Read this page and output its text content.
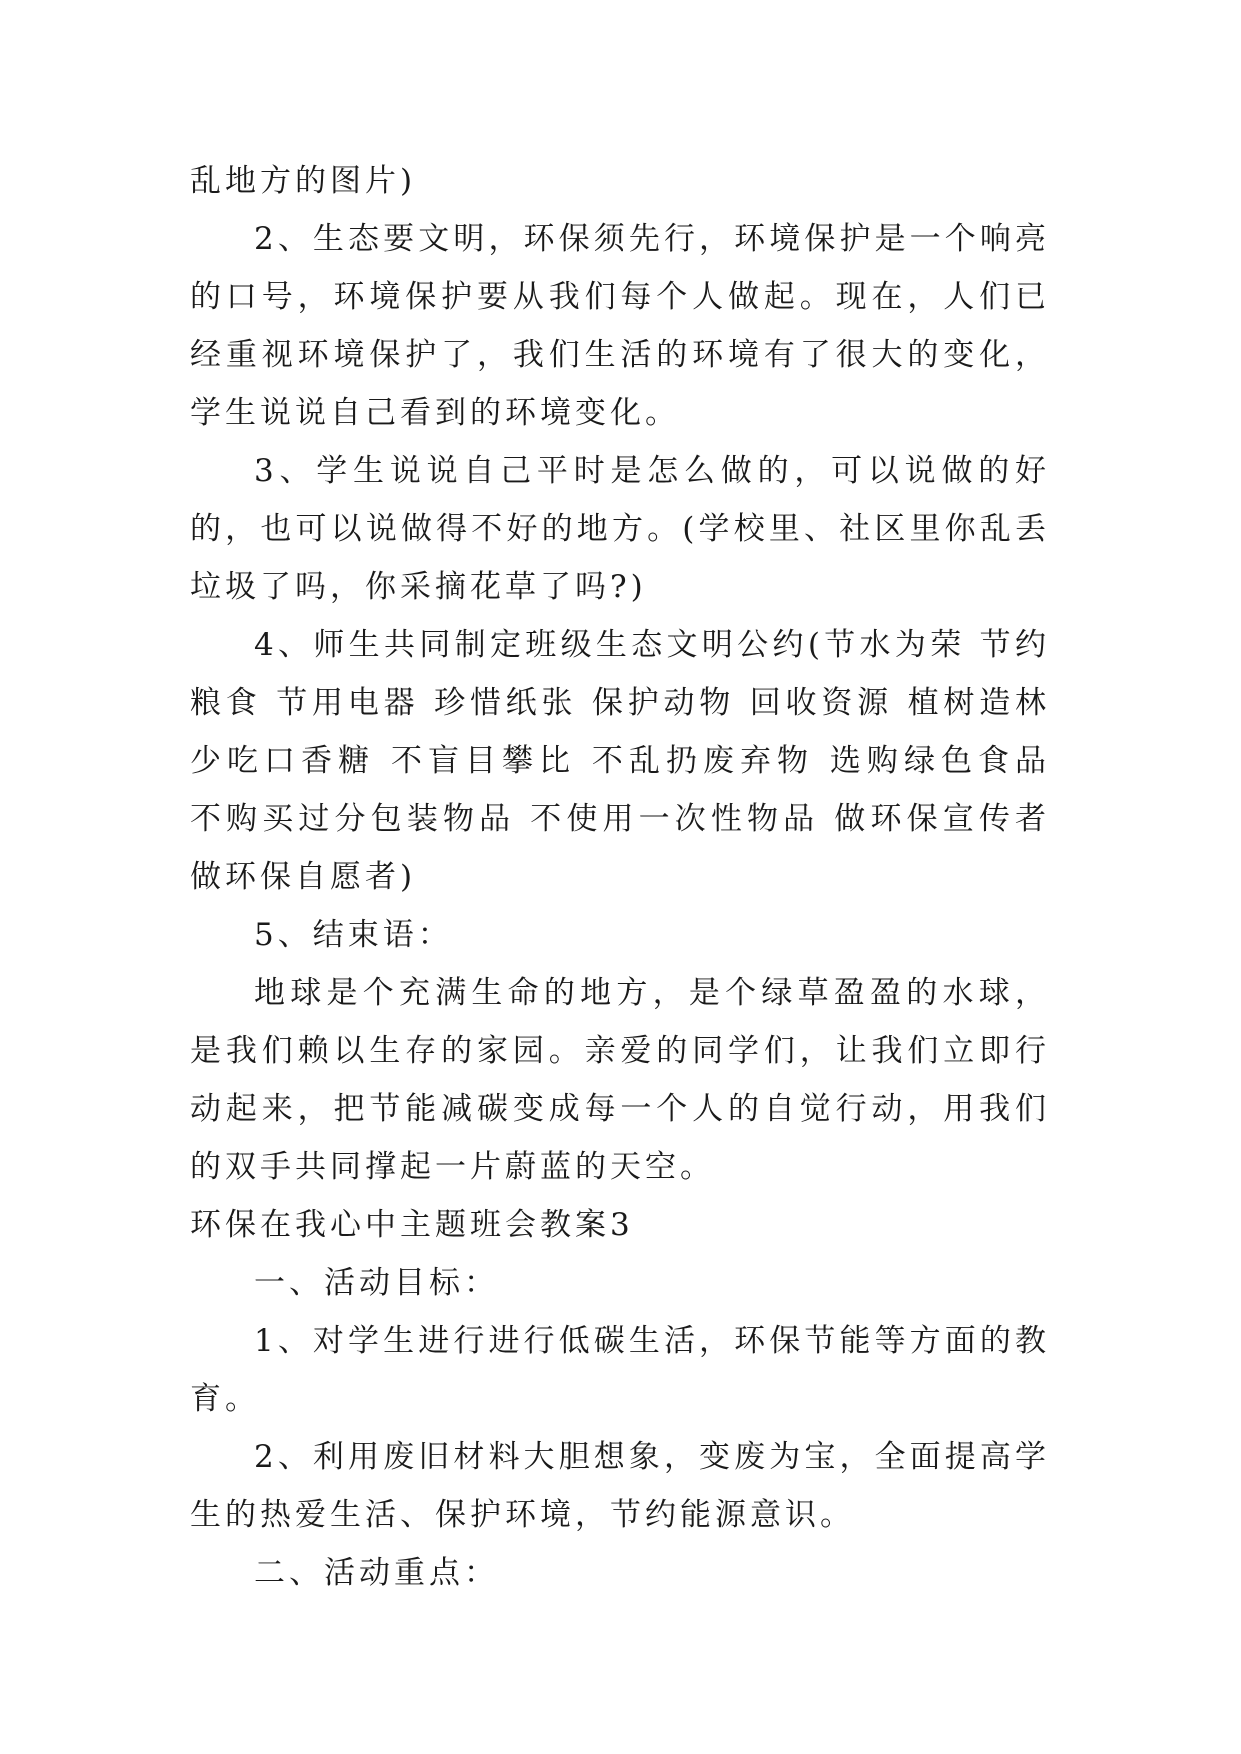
乱地方的图片)

2、生态要文明，环保须先行，环境保护是一个响亮的口号，环境保护要从我们每个人做起。现在，人们已经重视环境保护了，我们生活的环境有了很大的变化，学生说说自己看到的环境变化。

3、学生说说自己平时是怎么做的，可以说做的好的，也可以说做得不好的地方。(学校里、社区里你乱丢垃圾了吗，你采摘花草了吗?)

4、师生共同制定班级生态文明公约(节水为荣 节约粮食 节用电器 珍惜纸张 保护动物 回收资源 植树造林 少吃口香糖 不盲目攀比 不乱扔废弃物 选购绿色食品 不购买过分包装物品 不使用一次性物品 做环保宣传者 做环保自愿者)

5、结束语：

地球是个充满生命的地方，是个绿草盈盈的水球，是我们赖以生存的家园。亲爱的同学们，让我们立即行动起来，把节能减碳变成每一个人的自觉行动，用我们的双手共同撑起一片蔚蓝的天空。

环保在我心中主题班会教案3

一、活动目标：

1、对学生进行进行低碳生活，环保节能等方面的教育。

2、利用废旧材料大胆想象，变废为宝，全面提高学生的热爱生活、保护环境，节约能源意识。

二、活动重点：
